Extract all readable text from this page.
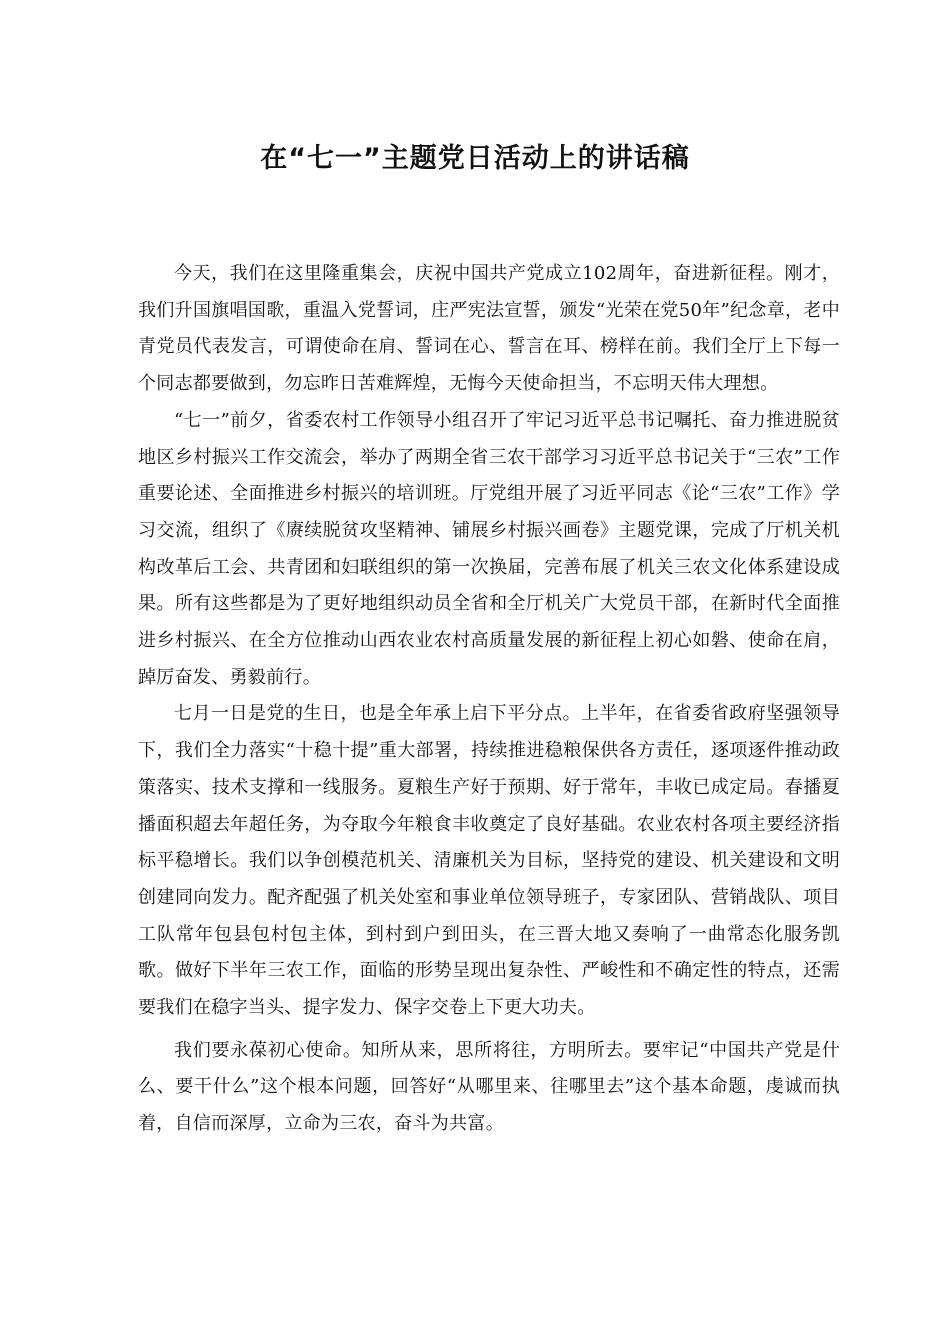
在“七一”主题党日活动上的讲话稿

今天，我们在这里隆重集会，庆祝中国共产党成立102周年，奋进新征程。刚才，我们升国旗唱国歌，重温入党誓词，庄严宪法宣誓，颁发“光荣在党50年”纪念章，老中青党员代表发言，可谓使命在肩、誓词在心、誓言在耳、榜样在前。我们全厅上下每一个同志都要做到，勿忘昨日苦难辉煌，无悔今天使命担当，不忘明天伟大理想。

“七一”前夕，省委农村工作领导小组召开了牢记习近平总书记嘱托、奋力推进脱贫地区乡村振兴工作交流会，举办了两期全省三农干部学习习近平总书记关于“三农”工作重要论述、全面推进乡村振兴的培训班。厅党组开展了习近平同志《论“三农”工作》学习交流，组织了《赓续脱贫攻坚精神、铺展乡村振兴画卷》主题党课，完成了厅机关机构改革后工会、共青团和妇联组织的第一次换届，完善布展了机关三农文化体系建设成果。所有这些都是为了更好地组织动员全省和全厅机关广大党员干部，在新时代全面推进乡村振兴、在全方位推动山西农业农村高质量发展的新征程上初心如磐、使命在肩，踔厉奋发、勇毅前行。

七月一日是党的生日，也是全年承上启下平分点。上半年，在省委省政府坚强领导下，我们全力落实“十稳十提”重大部署，持续推进稳粮保供各方责任，逐项逐件推动政策落实、技术支撑和一线服务。夏粮生产好于预期、好于常年，丰收已成定局。春播夏播面积超去年超任务，为夺取今年粮食丰收奠定了良好基础。农业农村各项主要经济指标平稳增长。我们以争创模范机关、清廉机关为目标，坚持党的建设、机关建设和文明创建同向发力。配齐配强了机关处室和事业单位领导班子，专家团队、营销战队、项目工队常年包县包村包主体，到村到户到田头，在三晋大地又奏响了一曲常态化服务凯歌。做好下半年三农工作，面临的形势呈现出复杂性、严峻性和不确定性的特点，还需要我们在稳字当头、提字发力、保字交卷上下更大功夫。

我们要永葆初心使命。知所从来，思所将往，方明所去。要牢记“中国共产党是什么、要干什么”这个根本问题，回答好“从哪里来、往哪里去”这个基本命题，虔诚而执着，自信而深厚，立命为三农，奋斗为共富。
